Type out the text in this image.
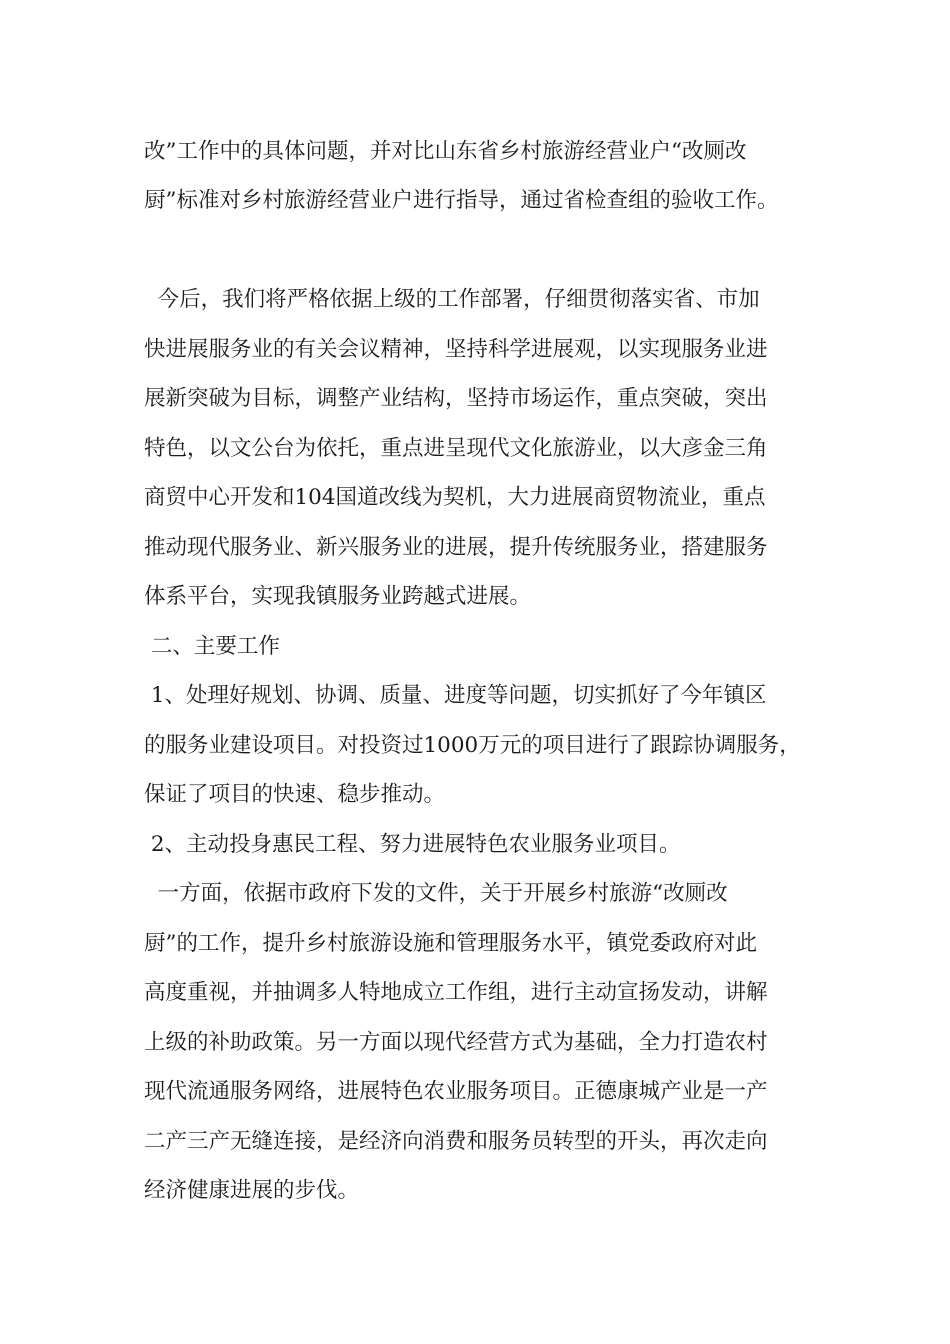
改”工作中的具体问题，并对比山东省乡村旅游经营业户“改厕改

厨”标准对乡村旅游经营业户进行指导，通过省检查组的验收工作。

今后，我们将严格依据上级的工作部署，仔细贯彻落实省、市加

快进展服务业的有关会议精神，坚持科学进展观，以实现服务业进

展新突破为目标，调整产业结构，坚持市场运作，重点突破，突出

特色，以文公台为依托，重点进呈现代文化旅游业，以大彦金三角

商贸中心开发和104国道改线为契机，大力进展商贸物流业，重点

推动现代服务业、新兴服务业的进展，提升传统服务业，搭建服务

体系平台，实现我镇服务业跨越式进展。

二、主要工作

1、处理好规划、协调、质量、进度等问题，切实抓好了今年镇区

的服务业建设项目。对投资过1000万元的项目进行了跟踪协调服务，

保证了项目的快速、稳步推动。

2、主动投身惠民工程、努力进展特色农业服务业项目。

一方面，依据市政府下发的文件，关于开展乡村旅游“改厕改

厨”的工作，提升乡村旅游设施和管理服务水平，镇党委政府对此

高度重视，并抽调多人特地成立工作组，进行主动宣扬发动，讲解

上级的补助政策。另一方面以现代经营方式为基础，全力打造农村

现代流通服务网络，进展特色农业服务项目。正德康城产业是一产

二产三产无缝连接，是经济向消费和服务员转型的开头，再次走向

经济健康进展的步伐。
